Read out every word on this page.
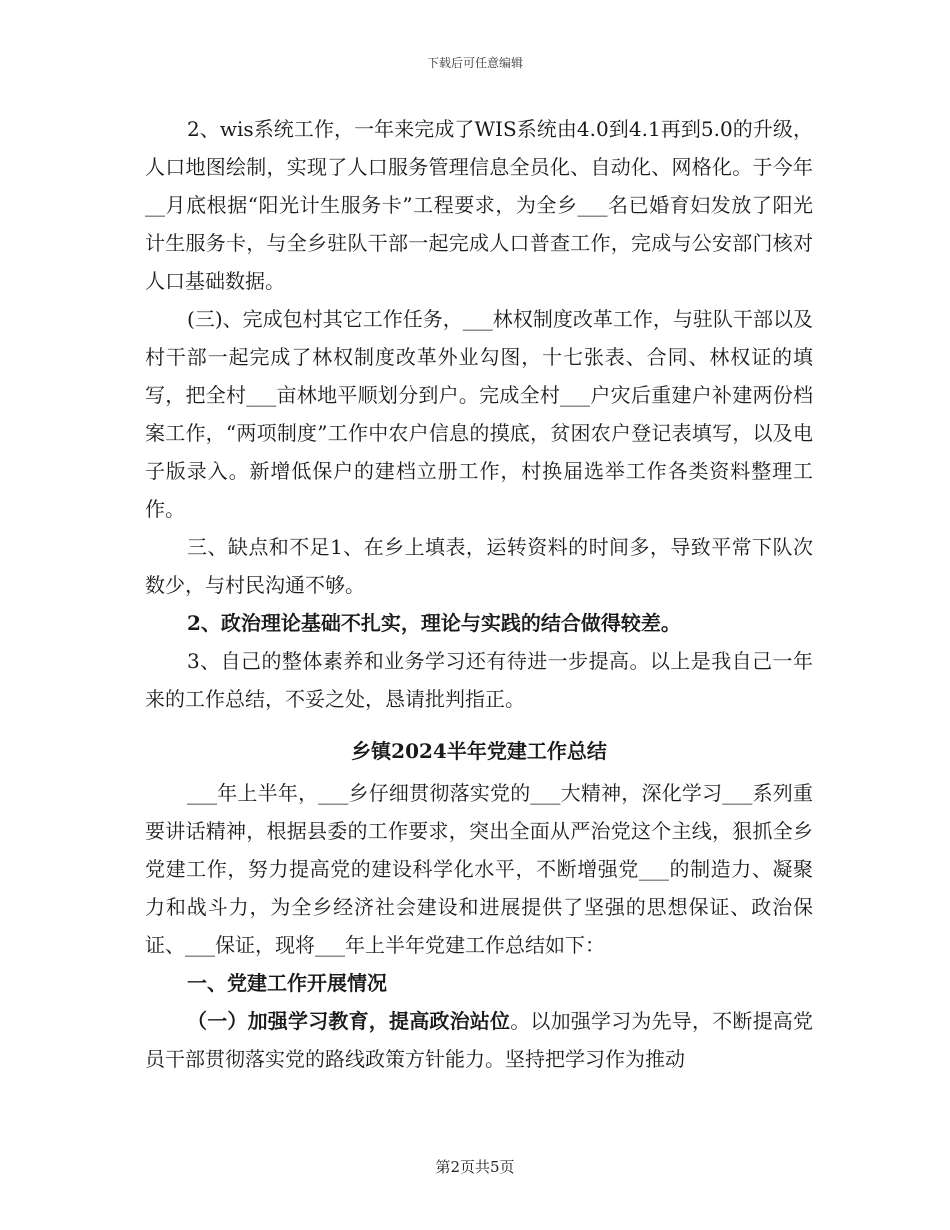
下载后可任意编辑

2、wis系统工作，一年来完成了WIS系统由4.0到4.1再到5.0的升级，人口地图绘制，实现了人口服务管理信息全员化、自动化、网格化。于今年__月底根据“阳光计生服务卡”工程要求，为全乡___名已婚育妇发放了阳光计生服务卡，与全乡驻队干部一起完成人口普查工作，完成与公安部门核对人口基础数据。

(三)、完成包村其它工作任务，___林权制度改革工作，与驻队干部以及村干部一起完成了林权制度改革外业勾图，十七张表、合同、林权证的填写，把全村___亩林地平顺划分到户。完成全村___户灾后重建户补建两份档案工作，“两项制度”工作中农户信息的摸底，贫困农户登记表填写，以及电子版录入。新增低保户的建档立册工作，村换届选举工作各类资料整理工作。

三、缺点和不足1、在乡上填表，运转资料的时间多，导致平常下队次数少，与村民沟通不够。

2、政治理论基础不扎实，理论与实践的结合做得较差。

3、自己的整体素养和业务学习还有待进一步提高。以上是我自己一年来的工作总结，不妥之处，恳请批判指正。

乡镇2024半年党建工作总结

___年上半年，___乡仔细贯彻落实党的___大精神，深化学习___系列重要讲话精神，根据县委的工作要求，突出全面从严治党这个主线，狠抓全乡党建工作，努力提高党的建设科学化水平，不断增强党___的制造力、凝聚力和战斗力，为全乡经济社会建设和进展提供了坚强的思想保证、政治保证、___保证，现将___年上半年党建工作总结如下：

一、党建工作开展情况

（一）加强学习教育，提高政治站位。以加强学习为先导，不断提高党员干部贯彻落实党的路线政策方针能力。坚持把学习作为推动

第2页共5页
